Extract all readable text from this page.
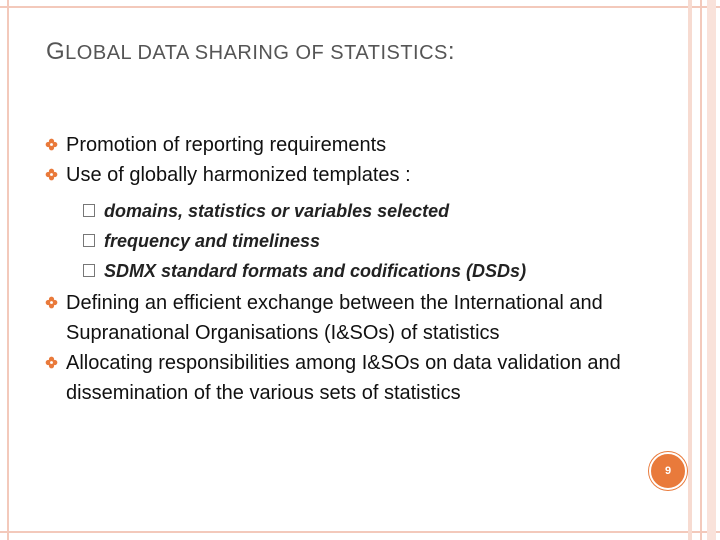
GLOBAL DATA SHARING OF STATISTICS:
Promotion of reporting requirements
Use of globally harmonized templates :
domains, statistics or variables selected
frequency and timeliness
SDMX standard formats and codifications (DSDs)
Defining an efficient exchange between the International and Supranational Organisations (I&SOs) of statistics
Allocating responsibilities among I&SOs on data validation and dissemination of the various sets of statistics
9
